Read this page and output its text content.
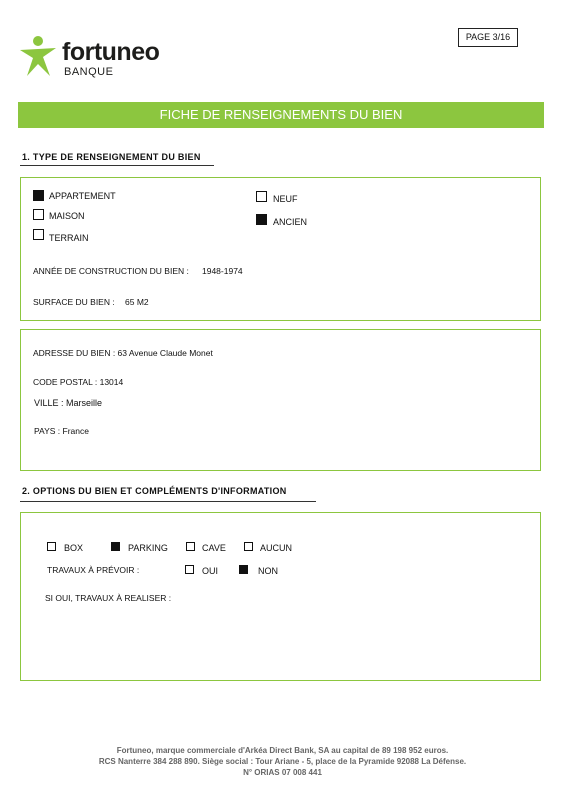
PAGE 3/16
fortuneo
BANQUE
FICHE DE RENSEIGNEMENTS DU BIEN
1. TYPE DE RENSEIGNEMENT DU BIEN
APPARTEMENT
MAISON
TERRAIN
NEUF
ANCIEN
ANNÉE DE CONSTRUCTION DU BIEN : 1948-1974
SURFACE DU BIEN : 65 M2
ADRESSE DU BIEN : 63 Avenue Claude Monet
CODE POSTAL : 13014
VILLE : Marseille
PAYS : France
2. OPTIONS DU BIEN ET COMPLÉMENTS D'INFORMATION
BOX	PARKING	CAVE	AUCUN
TRAVAUX À PRÉVOIR :	OUI	NON
SI OUI, TRAVAUX À REALISER :
Fortuneo, marque commerciale d'Arkéa Direct Bank, SA au capital de 89 198 952 euros.
RCS Nanterre 384 288 890. Siège social : Tour Ariane - 5, place de la Pyramide 92088 La Défense.
N° ORIAS 07 008 441
